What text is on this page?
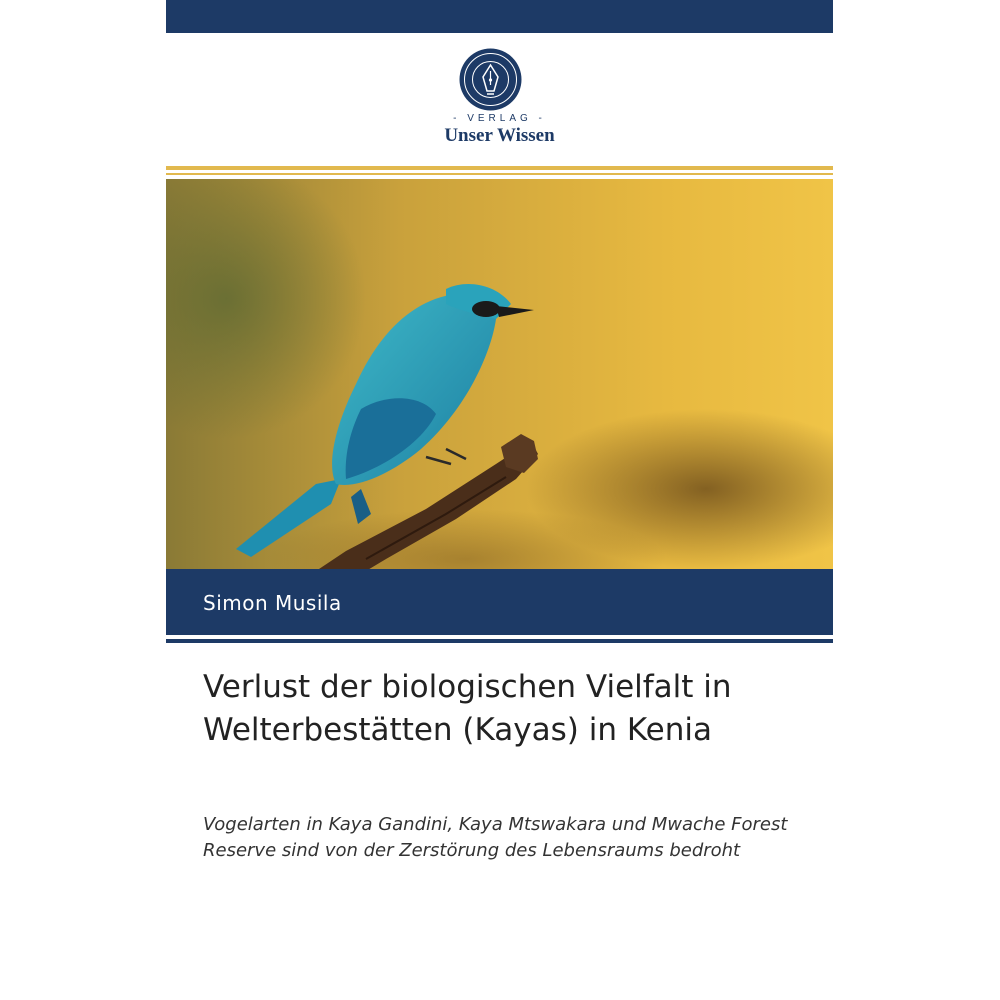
- VERLAG -
Unser Wissen
Simon Musila
Verlust der biologischen Vielfalt in Welterbestätten (Kayas) in Kenia
Vogelarten in Kaya Gandini, Kaya Mtswakara und Mwache Forest Reserve sind von der Zerstörung des Lebensraums bedroht
